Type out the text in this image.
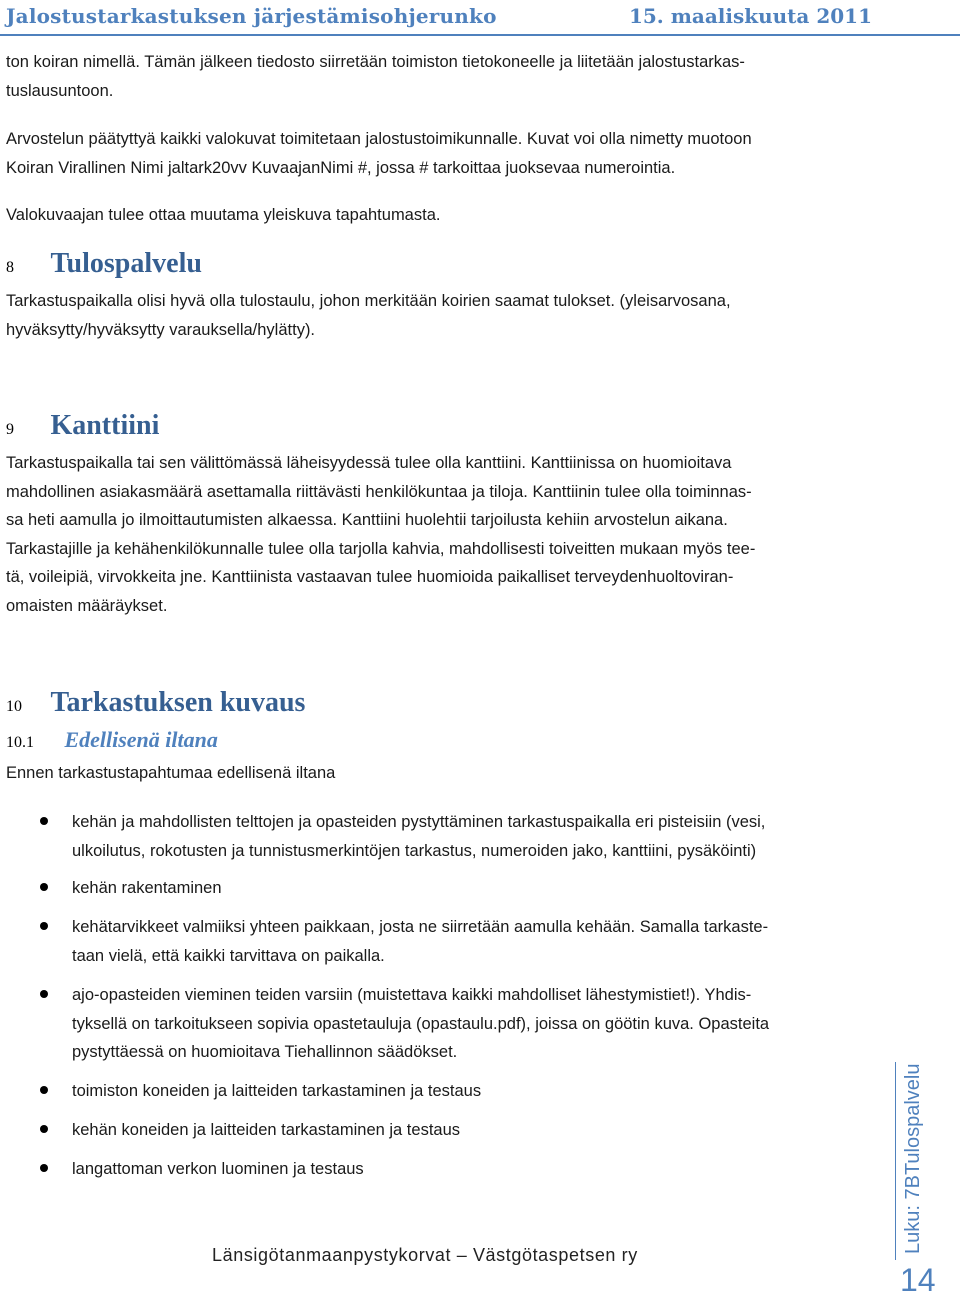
Jalostustarkastuksen järjestämisohjerunko	15. maaliskuuta 2011
ton koiran nimellä. Tämän jälkeen tiedosto siirretään toimiston tietokoneelle ja liitetään jalostustarkas-
tuslausuntoon.
Arvostelun päätyttyä kaikki valokuvat toimitetaan jalostustoimikunnalle. Kuvat voi olla nimetty muotoon
Koiran Virallinen Nimi jaltark20vv KuvaajanNimi #, jossa # tarkoittaa juoksevaa numerointia.
Valokuvaajan tulee ottaa muutama yleiskuva tapahtumasta.
8 Tulospalvelu
Tarkastuspaikalla olisi hyvä olla tulostaulu, johon merkitään koirien saamat tulokset. (yleisarvosana,
hyväksytty/hyväksytty varauksella/hylätty).
9 Kanttiini
Tarkastuspaikalla tai sen välittömässä läheisyydessä tulee olla kanttiini. Kanttiinissa on huomioitava
mahdollinen asiakasmäärä asettamalla riittävästi henkilökuntaa ja tiloja. Kanttiinin tulee olla toiminnas-
sa heti aamulla jo ilmoittautumisten alkaessa. Kanttiini huolehtii tarjoilusta kehiin arvostelun aikana.
Tarkastajille ja kehähenkilökunnalle tulee olla tarjolla kahvia, mahdollisesti toiveitten mukaan myös tee-
tä, voileipiä, virvokkeita jne. Kanttiinista vastaavan tulee huomioida paikalliset terveydenhuoltoviran-
omaisten määräykset.
10 Tarkastuksen kuvaus
10.1 Edellisenä iltana
Ennen tarkastustapahtumaa edellisenä iltana
kehän ja mahdollisten telttojen ja opasteiden pystyttäminen tarkastuspaikalla eri pisteisiin (vesi,
ulkoilutus, rokotusten ja tunnistusmerkintöjen tarkastus, numeroiden jako, kanttiini, pysäköinti)
kehän rakentaminen
kehätarvikkeet valmiiksi yhteen paikkaan, josta ne siirretään aamulla kehään. Samalla tarkaste-
taan vielä, että kaikki tarvittava on paikalla.
ajo-opasteiden vieminen teiden varsiin (muistettava kaikki mahdolliset lähestymistiet!). Yhdis-
tyksellä on tarkoitukseen sopivia opastetauluja (opastaulu.pdf), joissa on göötin kuva. Opasteita
pystyttäessä on huomioitava Tiehallinnon säädökset.
toimiston koneiden ja laitteiden tarkastaminen ja testaus
kehän koneiden ja laitteiden tarkastaminen ja testaus
langattoman verkon luominen ja testaus
Länsigötanmaanpystykorvat – Västgötaspetsen ry
Luku: 7BTulospalvelu
14
